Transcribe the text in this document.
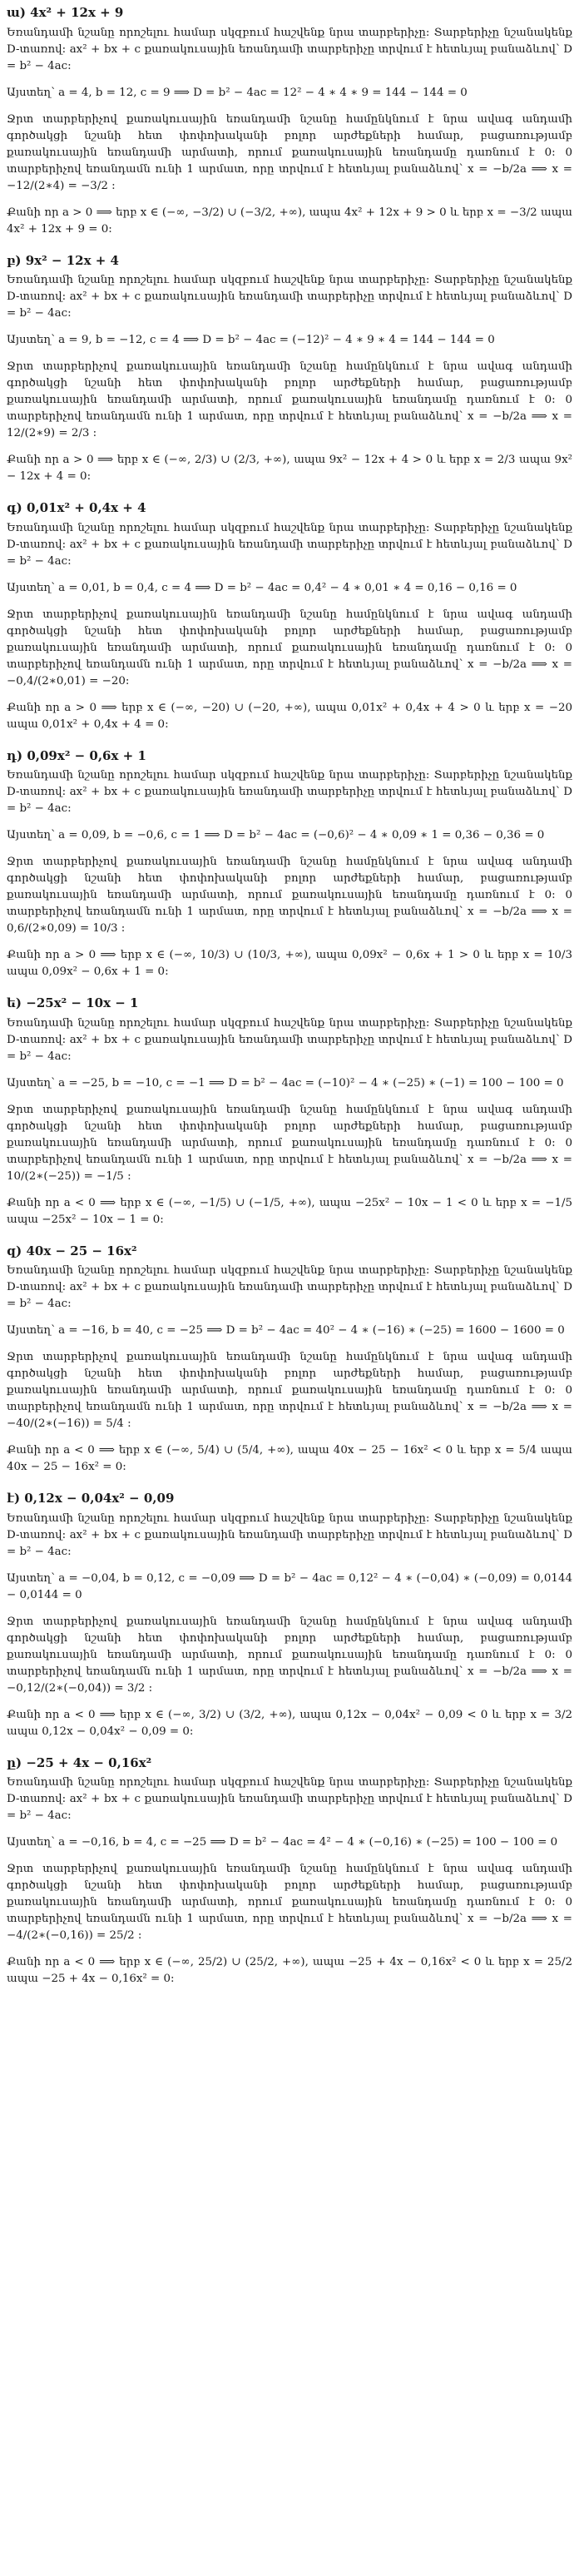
ա) 4x² + 12x + 9

Եռանդամի նշանը որոշելու համար սկզբում հաշվենք նրա տարբերիչը: Տարբերիչը նշանակենք D-տառով: ax² + bx + c քառակուսային եռանդամի տարբերիչը տրվում է հետևյալ բանաձևով՝ D = b² − 4ac:

Այստեղ՝ a = 4, b = 12, c = 9 ⟹ D = b² − 4ac = 12² − 4 ∗ 4 ∗ 9 = 144 − 144 = 0

Ջրտ տարբերիչով քառակուսային եռանդամի նշանը համընկնում է նրա ավագ անդամի գործակցի նշանի հետ փոփոխականի բոլոր արժեքների համար, բացառությամբ քառակուսային եռանդամի արմատի, որում քառակուսային եռանդամը դառնում է 0: 0 տարբերիչով եռանդամն ունի 1 արմատ, որը տրվում է հետևյալ բանաձևով՝ x = −b/2a ⟹ x = −12/(2∗4) = −3/2 :

Քանի որ a > 0 ⟹ երբ x ∈ (−∞, −3/2) ∪ (−3/2, +∞), ապա 4x² + 12x + 9 > 0 և երբ x = −3/2 ապա 4x² + 12x + 9 = 0:

բ) 9x² − 12x + 4

Եռանդամի նշանը որոշելու համար սկզբում հաշվենք նրա տարբերիչը: Տարբերիչը նշանակենք D-տառով: ax² + bx + c քառակուսային եռանդամի տարբերիչը տրվում է հետևյալ բանաձևով՝ D = b² − 4ac:

Այստեղ՝ a = 9, b = −12, c = 4 ⟹ D = b² − 4ac = (−12)² − 4 ∗ 9 ∗ 4 = 144 − 144 = 0

Ջրտ տարբերիչով քառակուսային եռանդամի նշանը համընկնում է նրա ավագ անդամի գործակցի նշանի հետ փոփոխականի բոլոր արժեքների համար, բացառությամբ քառակուսային եռանդամի արմատի, որում քառակուսային եռանդամը դառնում է 0: 0 տարբերիչով եռանդամն ունի 1 արմատ, որը տրվում է հետևյալ բանաձևով՝ x = −b/2a ⟹ x = 12/(2∗9) = 2/3 :

Քանի որ a > 0 ⟹ երբ x ∈ (−∞, 2/3) ∪ (2/3, +∞), ապա 9x² − 12x + 4 > 0 և երբ x = 2/3 ապա 9x² − 12x + 4 = 0:

գ) 0,01x² + 0,4x + 4

Եռանդամի նշանը որոշելու համար սկզբում հաշվենք նրա տարբերիչը: Տարբերիչը նշանակենք D-տառով: ax² + bx + c քառակուսային եռանդամի տարբերիչը տրվում է հետևյալ բանաձևով՝ D = b² − 4ac:

Այստեղ՝ a = 0,01, b = 0,4, c = 4 ⟹ D = b² − 4ac = 0,4² − 4 ∗ 0,01 ∗ 4 = 0,16 − 0,16 = 0

Ջրտ տարբերիչով քառակուսային եռանդամի նշանը համընկնում է նրա ավագ անդամի գործակցի նշանի հետ փոփոխականի բոլոր արժեքների համար, բացառությամբ քառակուսային եռանդամի արմատի, որում քառակուսային եռանդամը դառնում է 0: 0 տարբերիչով եռանդամն ունի 1 արմատ, որը տրվում է հետևյալ բանաձևով՝ x = −b/2a ⟹ x = −0,4/(2∗0,01) = −20:

Քանի որ a > 0 ⟹ երբ x ∈ (−∞, −20) ∪ (−20, +∞), ապա 0,01x² + 0,4x + 4 > 0 և երբ x = −20 ապա 0,01x² + 0,4x + 4 = 0:

դ) 0,09x² − 0,6x + 1

Եռանդամի նշանը որոշելու համար սկզբում հաշվենք նրա տարբերիչը: Տարբերիչը նշանակենք D-տառով: ax² + bx + c քառակուսային եռանդամի տարբերիչը տրվում է հետևյալ բանաձևով՝ D = b² − 4ac:

Այստեղ՝ a = 0,09, b = −0,6, c = 1 ⟹ D = b² − 4ac = (−0,6)² − 4 ∗ 0,09 ∗ 1 = 0,36 − 0,36 = 0

Ջրտ տարբերիչով քառակուսային եռանդամի նշանը համընկնում է նրա ավագ անդամի գործակցի նշանի հետ փոփոխականի բոլոր արժեքների համար, բացառությամբ քառակուսային եռանդամի արմատի, որում քառակուսային եռանդամը դառնում է 0: 0 տարբերիչով եռանդամն ունի 1 արմատ, որը տրվում է հետևյալ բանաձևով՝ x = −b/2a ⟹ x = 0,6/(2∗0,09) = 10/3 :

Քանի որ a > 0 ⟹ երբ x ∈ (−∞, 10/3) ∪ (10/3, +∞), ապա 0,09x² − 0,6x + 1 > 0 և երբ x = 10/3 ապա 0,09x² − 0,6x + 1 = 0:

ե) −25x² − 10x − 1

Եռանդամի նշանը որոշելու համար սկզբում հաշվենք նրա տարբերիչը: Տարբերիչը նշանակենք D-տառով: ax² + bx + c քառակուսային եռանդամի տարբերիչը տրվում է հետևյալ բանաձևով՝ D = b² − 4ac:

Այստեղ՝ a = −25, b = −10, c = −1 ⟹ D = b² − 4ac = (−10)² − 4 ∗ (−25) ∗ (−1) = 100 − 100 = 0

Ջրտ տարբերիչով քառակուսային եռանդամի նշանը համընկնում է նրա ավագ անդամի գործակցի նշանի հետ փոփոխականի բոլոր արժեքների համար, բացառությամբ քառակուսային եռանդամի արմատի, որում քառակուսային եռանդամը դառնում է 0: 0 տարբերիչով եռանդամն ունի 1 արմատ, որը տրվում է հետևյալ բանաձևով՝ x = −b/2a ⟹ x = 10/(2∗(−25)) = −1/5 :

Քանի որ a < 0 ⟹ երբ x ∈ (−∞, −1/5) ∪ (−1/5, +∞), ապա −25x² − 10x − 1 < 0 և երբ x = −1/5 ապա −25x² − 10x − 1 = 0:

զ) 40x − 25 − 16x²

Եռանդամի նշանը որոշելու համար սկզբում հաշվենք նրա տարբերիչը: Տարբերիչը նշանակենք D-տառով: ax² + bx + c քառակուսային եռանդամի տարբերիչը տրվում է հետևյալ բանաձևով՝ D = b² − 4ac:

Այստեղ՝ a = −16, b = 40, c = −25 ⟹ D = b² − 4ac = 40² − 4 ∗ (−16) ∗ (−25) = 1600 − 1600 = 0

Ջրտ տարբերիչով քառակուսային եռանդամի նշանը համընկնում է նրա ավագ անդամի գործակցի նշանի հետ փոփոխականի բոլոր արժեքների համար, բացառությամբ քառակուսային եռանդամի արմատի, որում քառակուսային եռանդամը դառնում է 0: 0 տարբերիչով եռանդամն ունի 1 արմատ, որը տրվում է հետևյալ բանաձևով՝ x = −b/2a ⟹ x = −40/(2∗(−16)) = 5/4 :

Քանի որ a < 0 ⟹ երբ x ∈ (−∞, 5/4) ∪ (5/4, +∞), ապա 40x − 25 − 16x² < 0 և երբ x = 5/4 ապա 40x − 25 − 16x² = 0:

է) 0,12x − 0,04x² − 0,09

Եռանդամի նշանը որոշելու համար սկզբում հաշվենք նրա տարբերիչը: Տարբերիչը նշանակենք D-տառով: ax² + bx + c քառակուսային եռանդամի տարբերիչը տրվում է հետևյալ բանաձևով՝ D = b² − 4ac:

Այստեղ՝ a = −0,04, b = 0,12, c = −0,09 ⟹ D = b² − 4ac = 0,12² − 4 ∗ (−0,04) ∗ (−0,09) = 0,0144 − 0,0144 = 0

Ջրտ տարբերիչով քառակուսային եռանդամի նշանը համընկնում է նրա ավագ անդամի գործակցի նշանի հետ փոփոխականի բոլոր արժեքների համար, բացառությամբ քառակուսային եռանդամի արմատի, որում քառակուսային եռանդամը դառնում է 0: 0 տարբերիչով եռանդամն ունի 1 արմատ, որը տրվում է հետևյալ բանաձևով՝ x = −b/2a ⟹ x = −0,12/(2∗(−0,04)) = 3/2 :

Քանի որ a < 0 ⟹ երբ x ∈ (−∞, 3/2) ∪ (3/2, +∞), ապա 0,12x − 0,04x² − 0,09 < 0 և երբ x = 3/2 ապա 0,12x − 0,04x² − 0,09 = 0:

ը) −25 + 4x − 0,16x²

Եռանդամի նշանը որոշելու համար սկզբում հաշվենք նրա տարբերիչը: Տարբերիչը նշանակենք D-տառով: ax² + bx + c քառակուսային եռանդամի տարբերիչը տրվում է հետևյալ բանաձևով՝ D = b² − 4ac:

Այստեղ՝ a = −0,16, b = 4, c = −25 ⟹ D = b² − 4ac = 4² − 4 ∗ (−0,16) ∗ (−25) = 100 − 100 = 0

Ջրտ տարբերիչով քառակուսային եռանդամի նշանը համընկնում է նրա ավագ անդամի գործակցի նշանի հետ փոփոխականի բոլոր արժեքների համար, բացառությամբ քառակուսային եռանդամի արմատի, որում քառակուսային եռանդամը դառնում է 0: 0 տարբերիչով եռանդամն ունի 1 արմատ, որը տրվում է հետևյալ բանաձևով՝ x = −b/2a ⟹ x = −4/(2∗(−0,16)) = 25/2 :

Քանի որ a < 0 ⟹ երբ x ∈ (−∞, 25/2) ∪ (25/2, +∞), ապա −25 + 4x − 0,16x² < 0 և երբ x = 25/2 ապա −25 + 4x − 0,16x² = 0:
